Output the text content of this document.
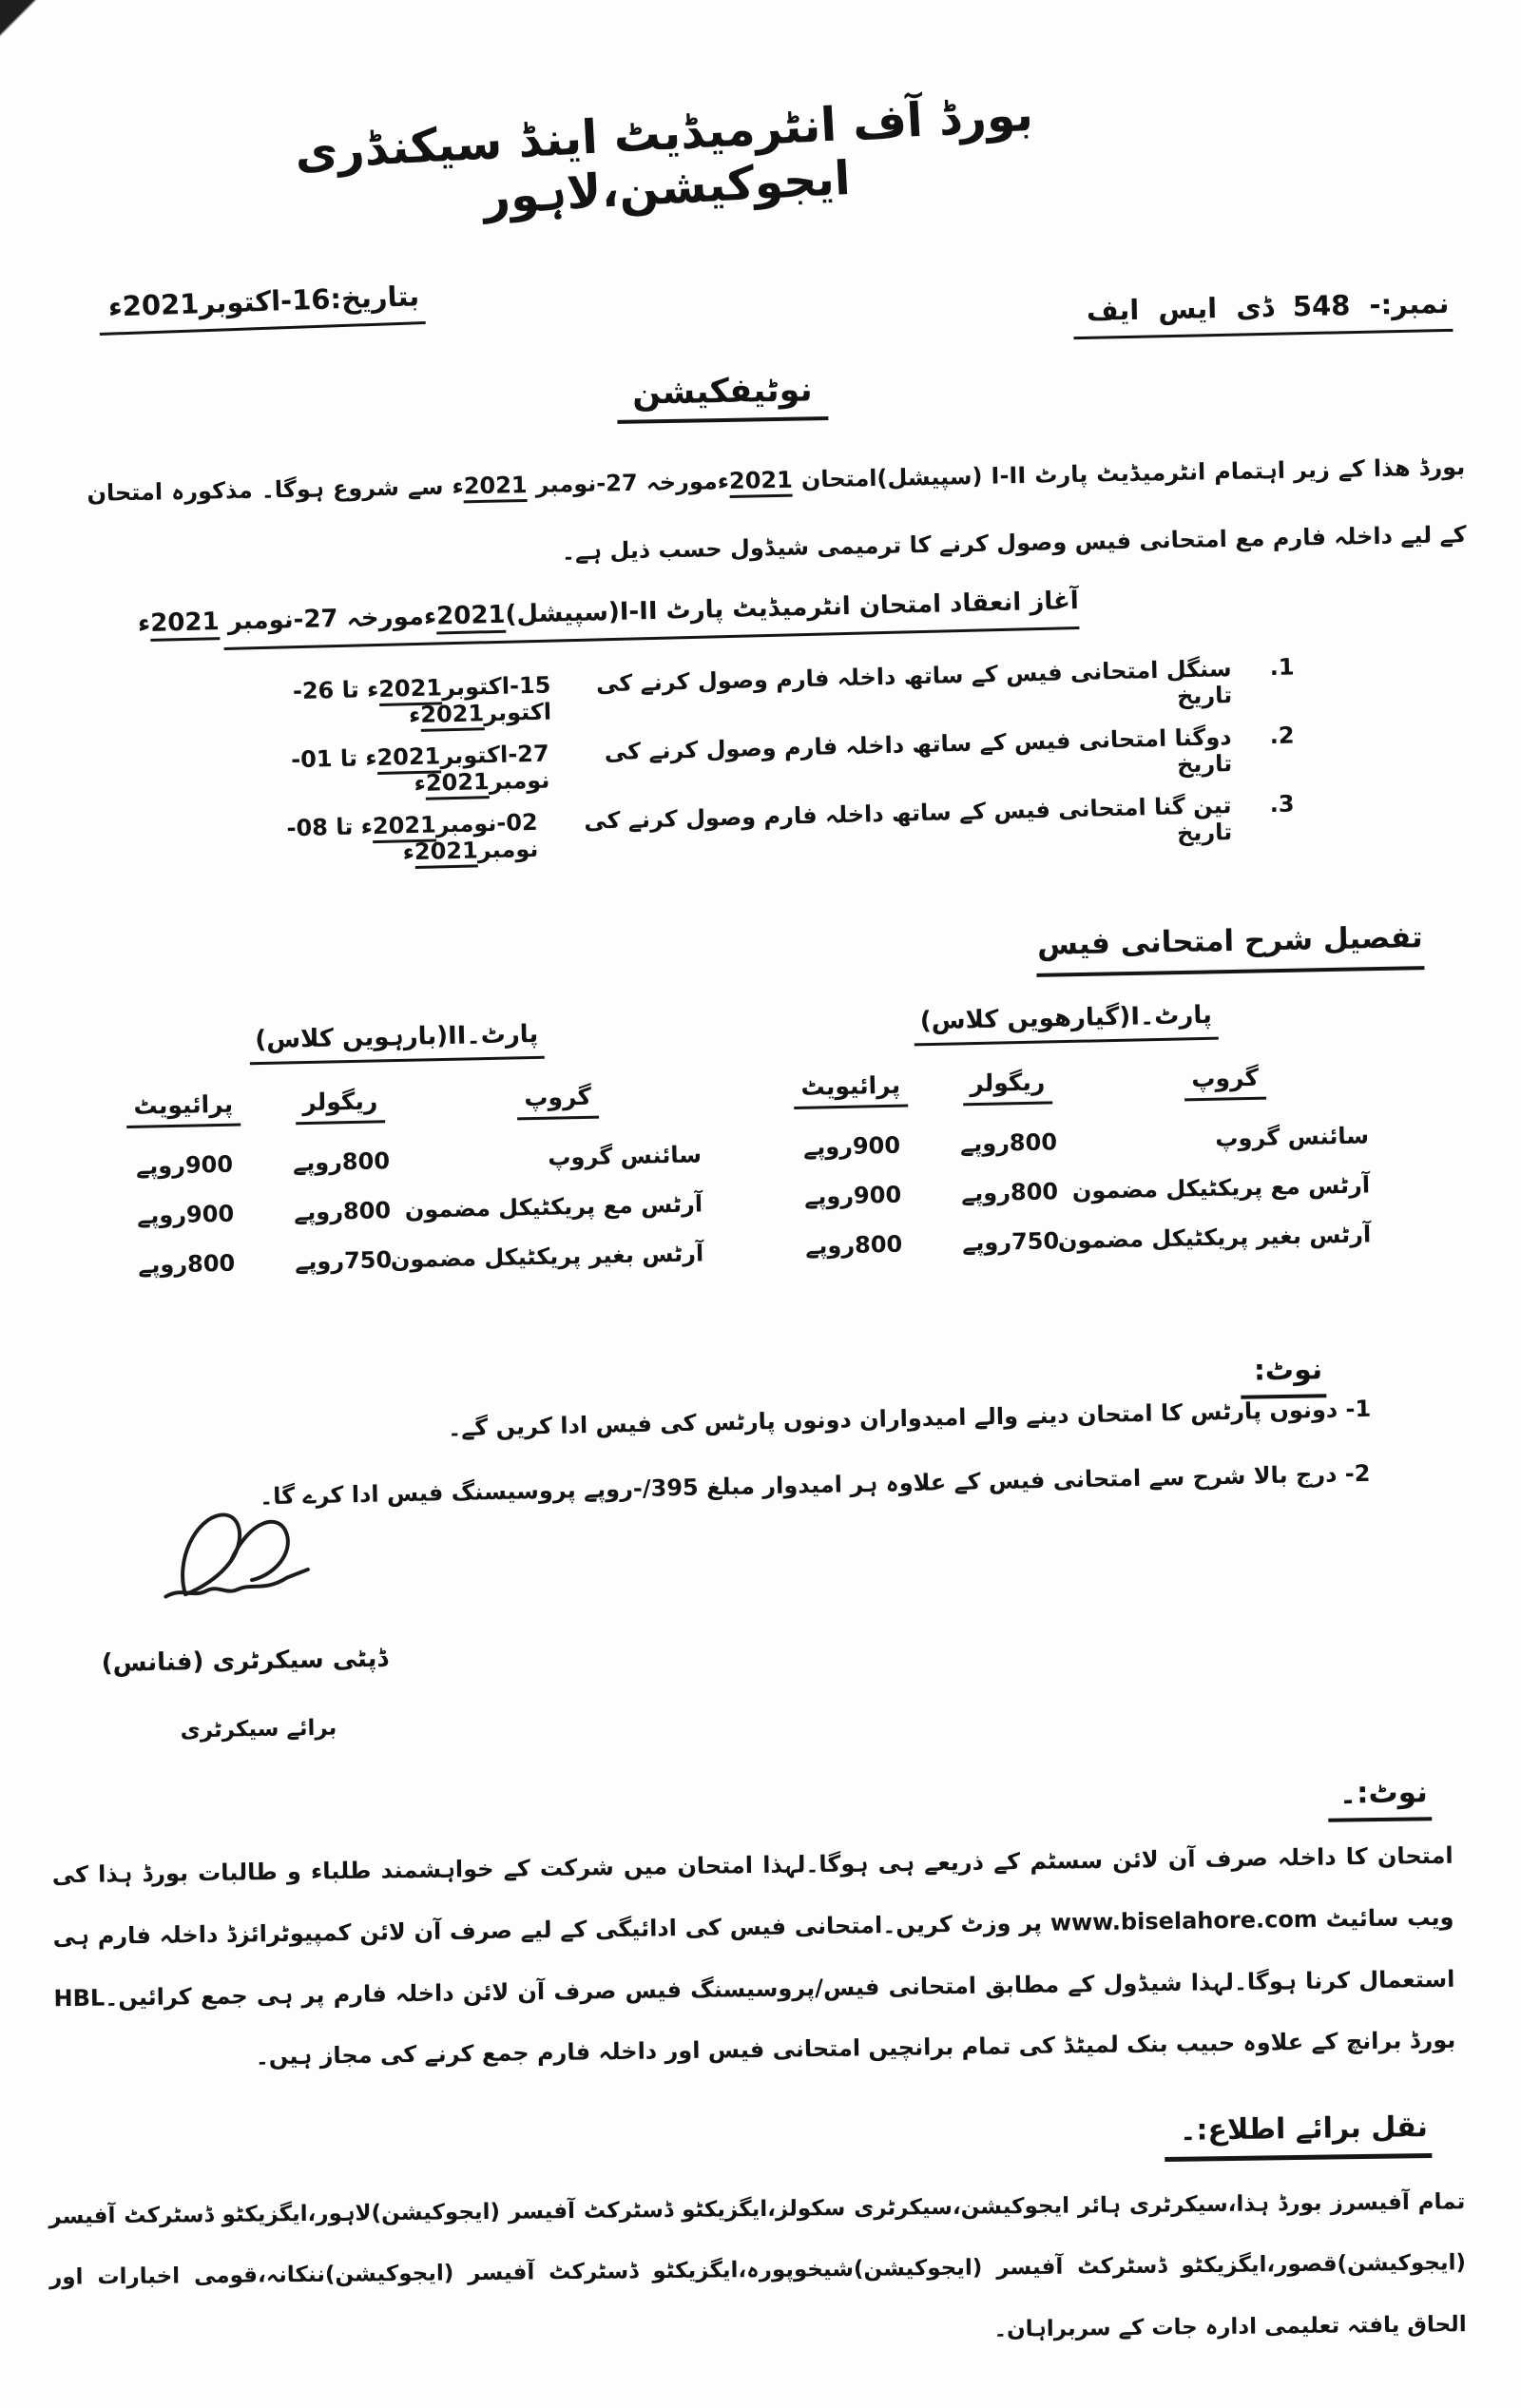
بورڈ آف انٹرمیڈیٹ اینڈ سیکنڈری ایجوکیشن،لاہور
نمبر:- 548 ڈی ایس ایف
بتاریخ:16-اکتوبر2021ء
نوٹیفکیشن
بورڈ ھذا کے زیر اہتمام انٹرمیڈیٹ پارٹ I-II (سپیشل)امتحان 2021ءمورخہ 27-نومبر 2021ء سے شروع ہوگا۔ مذکورہ امتحان کے لیے داخلہ فارم مع امتحانی فیس وصول کرنے کا ترمیمی شیڈول حسب ذیل ہے۔
آغاز انعقاد امتحان انٹرمیڈیٹ پارٹ I-II(سپیشل)2021ءمورخہ 27-نومبر 2021ء
1.
سنگل امتحانی فیس کے ساتھ داخلہ فارم وصول کرنے کی تاریخ
15-اکتوبر2021ء تا 26-اکتوبر2021ء
2.
دوگنا امتحانی فیس کے ساتھ داخلہ فارم وصول کرنے کی تاریخ
27-اکتوبر2021ء تا 01-نومبر2021ء
3.
تین گنا امتحانی فیس کے ساتھ داخلہ فارم وصول کرنے کی تاریخ
02-نومبر2021ء تا 08-نومبر2021ء
تفصیل شرح امتحانی فیس
پارٹ۔I(گیارھویں کلاس)
گروپ
ریگولر
پرائیویٹ
سائنس گروپ
800روپے
900روپے
آرٹس مع پریکٹیکل مضمون
800روپے
900روپے
آرٹس بغیر پریکٹیکل مضمون
750روپے
800روپے
پارٹ۔II(بارہویں کلاس)
گروپ
ریگولر
پرائیویٹ
سائنس گروپ
800روپے
900روپے
آرٹس مع پریکٹیکل مضمون
800روپے
900روپے
آرٹس بغیر پریکٹیکل مضمون
750روپے
800روپے
نوٹ:
1- دونوں پارٹس کا امتحان دینے والے امیدواران دونوں پارٹس کی فیس ادا کریں گے۔
2- درج بالا شرح سے امتحانی فیس کے علاوہ ہر امیدوار مبلغ 395/-روپے پروسیسنگ فیس ادا کرے گا۔
ڈپٹی سیکرٹری (فنانس)
برائے سیکرٹری
نوٹ:۔
امتحان کا داخلہ صرف آن لائن سسٹم کے ذریعے ہی ہوگا۔لہذا امتحان میں شرکت کے خواہشمند طلباء و طالبات بورڈ ہذا کی ویب سائیٹ www.biselahore.com پر وزٹ کریں۔امتحانی فیس کی ادائیگی کے لیے صرف آن لائن کمپیوٹرائزڈ داخلہ فارم ہی استعمال کرنا ہوگا۔لہذا شیڈول کے مطابق امتحانی فیس/پروسیسنگ فیس صرف آن لائن داخلہ فارم پر ہی جمع کرائیں۔HBL بورڈ برانچ کے علاوہ حبیب بنک لمیٹڈ کی تمام برانچیں امتحانی فیس اور داخلہ فارم جمع کرنے کی مجاز ہیں۔
نقل برائے اطلاع:۔
تمام آفیسرز بورڈ ہذا،سیکرٹری ہائر ایجوکیشن،سیکرٹری سکولز،ایگزیکٹو ڈسٹرکٹ آفیسر (ایجوکیشن)لاہور،ایگزیکٹو ڈسٹرکٹ آفیسر (ایجوکیشن)قصور،ایگزیکٹو ڈسٹرکٹ آفیسر (ایجوکیشن)شیخوپورہ،ایگزیکٹو ڈسٹرکٹ آفیسر (ایجوکیشن)ننکانہ،قومی اخبارات اور الحاق یافتہ تعلیمی ادارہ جات کے سربراہان۔
